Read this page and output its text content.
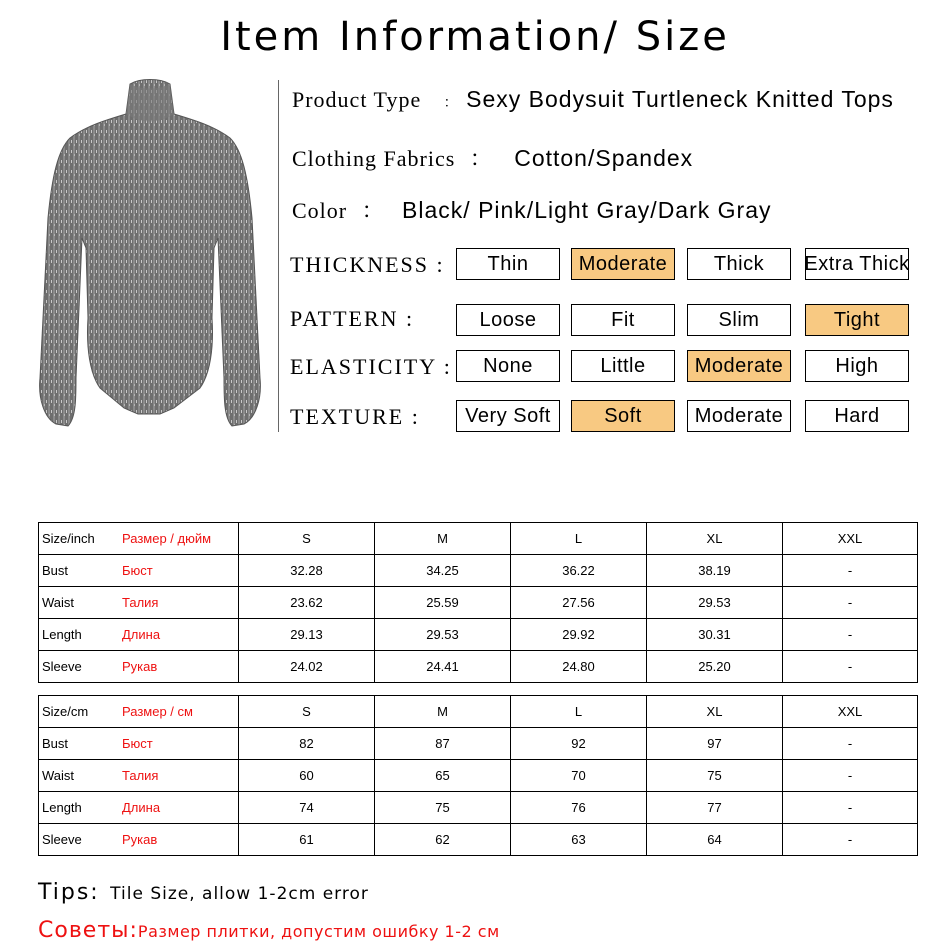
Item Information/ Size
Product Type ： Sexy Bodysuit Turtleneck Knitted Tops
Clothing Fabrics ： Cotton/Spandex
Color ： Black/ Pink/Light Gray/Dark Gray
THICKNESS :	Thin	Moderate	Thick	Extra Thick
PATTERN :	Loose	Fit	Slim	Tight
ELASTICITY :	None	Little	Moderate	High
TEXTURE :	Very Soft	Soft	Moderate	Hard
Size/inch Размер / дюйм	S	M	L	XL	XXL
Bust Бюст	32.28	34.25	36.22	38.19	-
Waist Талия	23.62	25.59	27.56	29.53	-
Length Длина	29.13	29.53	29.92	30.31	-
Sleeve Рукав	24.02	24.41	24.80	25.20	-
Size/cm Размер / см	S	M	L	XL	XXL
Bust Бюст	82	87	92	97	-
Waist Талия	60	65	70	75	-
Length Длина	74	75	76	77	-
Sleeve Рукав	61	62	63	64	-
Tips: Tile Size, allow 1-2cm error
Советы:Размер плитки, допустим ошибку 1-2 см
